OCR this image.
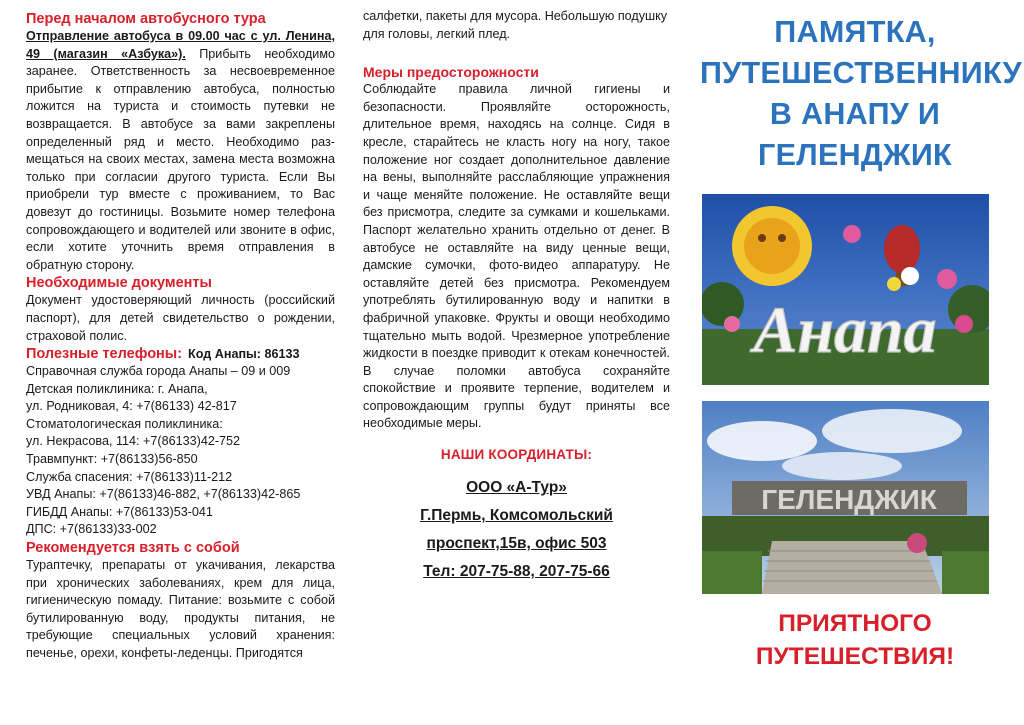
Перед началом автобусного тура

Отправление автобуса в 09.00 час с ул. Ленина, 49 (магазин «Азбука»). Прибыть необходимо заранее. Ответственность за несвоевременное прибытие к отправлению автобуса, полностью ложится на туриста и стоимость путевки не возвращается. В автобусе за вами закреплены определенный ряд и место. Необходимо раз-мещаться на своих местах, замена места возможна только при согласии другого туриста. Если Вы приобрели тур вместе с проживанием, то Вас довезут до гостиницы. Возьмите номер телефона сопровождающего и водителей или звоните в офис, если хотите уточнить время отправления в обратную сторону.

Необходимые документы

Документ удостоверяющий личность (российский паспорт), для детей свидетельство о рождении, страховой полис.

Полезные телефоны: Код Анапы: 86133
Справочная служба города Анапы – 09 и 009
Детская поликлиника: г. Анапа,
ул. Родниковая, 4: +7(86133) 42-817
Стоматологическая поликлиника:
ул. Некрасова, 114: +7(86133)42-752
Травмпункт: +7(86133)56-850
Служба спасения: +7(86133)11-212
УВД Анапы: +7(86133)46-882, +7(86133)42-865
ГИБДД Анапы: +7(86133)53-041
ДПС: +7(86133)33-002

Рекомендуется взять с собой

Тураптечку, препараты от укачивания, лекарства при хронических заболеваниях, крем для лица, гигиеническую помаду. Питание: возьмите с собой бутилированную воду, продукты питания, не требующие специальных условий хранения: печенье, орехи, конфеты-леденцы. Пригодятся

салфетки, пакеты для мусора. Небольшую подушку для головы, легкий плед.

Меры предосторожности

Соблюдайте правила личной гигиены и безопасности. Проявляйте осторожность, длительное время, находясь на солнце. Сидя в кресле, старайтесь не класть ногу на ногу, такое положение ног создает дополнительное давление на вены, выполняйте расслабляющие упражнения и чаще меняйте положение. Не оставляйте вещи без присмотра, следите за сумками и кошельками. Паспорт желательно хранить отдельно от денег. В автобусе не оставляйте на виду ценные вещи, дамские сумочки, фото-видео аппаратуру. Не оставляйте детей без присмотра. Рекомендуем употреблять бутилированную воду и напитки в фабричной упаковке. Фрукты и овощи необходимо тщательно мыть водой. Чрезмерное употребление жидкости в поездке приводит к отекам конечностей. В случае поломки автобуса сохраняйте спокойствие и проявите терпение, водителем и сопровождающим группы будут приняты все необходимые меры.

НАШИ КООРДИНАТЫ:
ООО «А-Тур»
Г.Пермь, Комсомольский
проспект,15в, офис 503
Тел: 207-75-88, 207-75-66
ПАМЯТКА,
ПУТЕШЕСТВЕННИКУ
В АНАПУ И
ГЕЛЕНДЖИК
Анапа
ГЕЛЕНДЖИК
ПРИЯТНОГО
ПУТЕШЕСТВИЯ!
